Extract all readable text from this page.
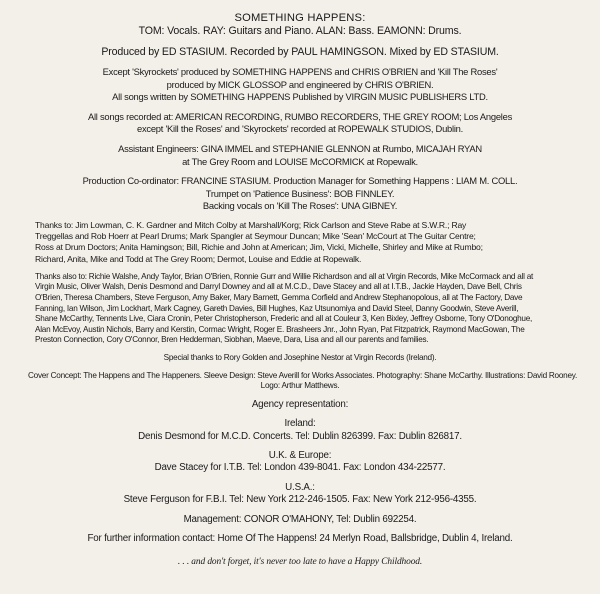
SOMETHING HAPPENS:
TOM: Vocals. RAY: Guitars and Piano. ALAN: Bass. EAMONN: Drums.
Produced by ED STASIUM. Recorded by PAUL HAMINGSON. Mixed by ED STASIUM.
Except 'Skyrockets' produced by SOMETHING HAPPENS and CHRIS O'BRIEN and 'Kill The Roses'
produced by MICK GLOSSOP and engineered by CHRIS O'BRIEN.
All songs written by SOMETHING HAPPENS Published by VIRGIN MUSIC PUBLISHERS LTD.
All songs recorded at: AMERICAN RECORDING, RUMBO RECORDERS, THE GREY ROOM; Los Angeles
except 'Kill the Roses' and 'Skyrockets' recorded at ROPEWALK STUDIOS, Dublin.
Assistant Engineers: GINA IMMEL and STEPHANIE GLENNON at Rumbo, MICAJAH RYAN
at The Grey Room and LOUISE McCORMICK at Ropewalk.
Production Co-ordinator: FRANCINE STASIUM. Production Manager for Something Happens : LIAM M. COLL.
Trumpet on 'Patience Business': BOB FINNLEY.
Backing vocals on 'Kill The Roses': UNA GIBNEY.
Thanks to: Jim Lowman, C. K. Gardner and Mitch Colby at Marshall/Korg; Rick Carlson and Steve Rabe at S.W.R.; Ray
Treggellas and Rob Hoerr at Pearl Drums; Mark Spangler at Seymour Duncan; Mike 'Sean' McCourt at The Guitar Centre;
Ross at Drum Doctors; Anita Hamingson; Bill, Richie and John at American; Jim, Vicki, Michelle, Shirley and Mike at Rumbo;
Richard, Anita, Mike and Todd at The Grey Room; Dermot, Louise and Eddie at Ropewalk.
Thanks also to: Richie Walshe, Andy Taylor, Brian O'Brien, Ronnie Gurr and Willie Richardson and all at Virgin Records, Mike McCormack and all at
Virgin Music, Oliver Walsh, Denis Desmond and Darryl Downey and all at M.C.D., Dave Stacey and all at I.T.B., Jackie Hayden, Dave Bell, Chris
O'Brien, Theresa Chambers, Steve Ferguson, Amy Baker, Mary Barnett, Gemma Corfield and Andrew Stephanopolous, all at The Factory, Dave
Fanning, Ian Wilson, Jim Lockhart, Mark Cagney, Gareth Davies, Bill Hughes, Kaz Utsunomiya and David Steel, Danny Goodwin, Steve Averill,
Shane McCarthy, Tennents Live, Ciara Cronin, Peter Christopherson, Frederic and all at Couleur 3, Ken Bixley, Jeffrey Osborne, Tony O'Donoghue,
Alan McEvoy, Austin Nichols, Barry and Kerstin, Cormac Wright, Roger E. Brasheers Jnr., John Ryan, Pat Fitzpatrick, Raymond MacGowan, The
Preston Connection, Cory O'Connor, Bren Hedderman, Siobhan, Maeve, Dara, Lisa and all our parents and families.
Special thanks to Rory Golden and Josephine Nestor at Virgin Records (Ireland).
Cover Concept: The Happens and The Happeners. Sleeve Design: Steve Averill for Works Associates. Photography: Shane McCarthy. Illustrations: David Rooney.
Logo: Arthur Matthews.
Agency representation:
Ireland:
Denis Desmond for M.C.D. Concerts. Tel: Dublin 826399. Fax: Dublin 826817.
U.K. & Europe:
Dave Stacey for I.T.B. Tel: London 439-8041. Fax: London 434-22577.
U.S.A.:
Steve Ferguson for F.B.I. Tel: New York 212-246-1505. Fax: New York 212-956-4355.
Management: CONOR O'MAHONY, Tel: Dublin 692254.
For further information contact: Home Of The Happens! 24 Merlyn Road, Ballsbridge, Dublin 4, Ireland.
. . . and don't forget, it's never too late to have a Happy Childhood.
